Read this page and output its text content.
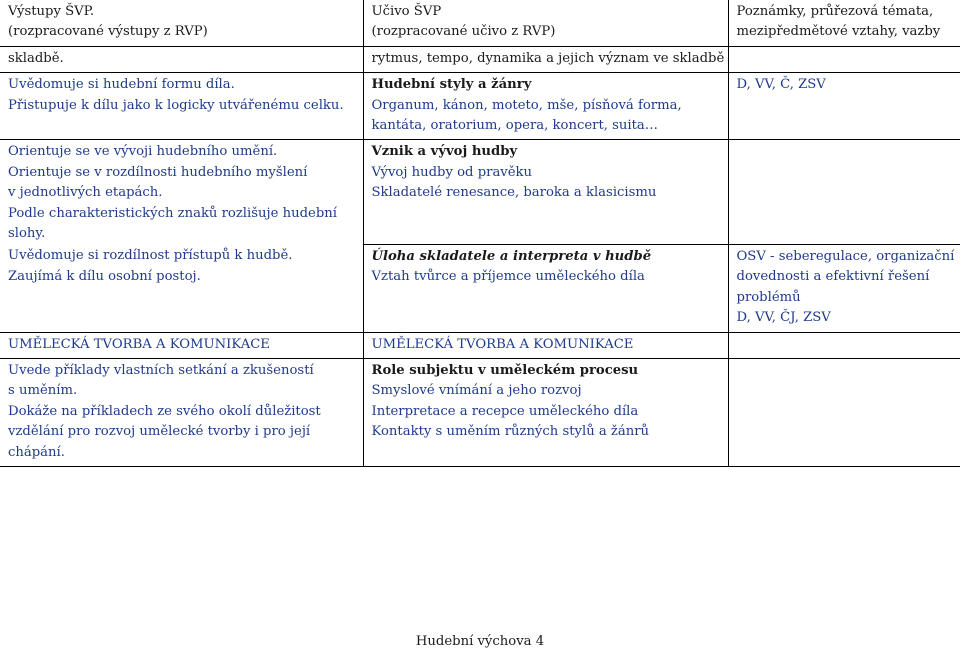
Výstupy ŠVP.
(rozpracované výstupy z RVP)	Učivo ŠVP
(rozpracované učivo z RVP)	Poznámky, průřezová témata,
mezipředmětové vztahy, vazby

skladbě.	rytmus, tempo, dynamika a jejich význam ve skladbě	

Uvědomuje si hudební formu díla.
Přistupuje k dílu jako k logicky utvářenému celku.	Hudební styly a žánry
Organum, kánon, moteto, mše, písňová forma,
kantáta, oratorium, opera, koncert, suita…	D, VV, Č, ZSV

Orientuje se ve vývoji hudebního umění.
Orientuje se v rozdílnosti hudebního myšlení
v jednotlivých etapách.
Podle charakteristických znaků rozlišuje hudební
slohy.	Vznik a vývoj hudby
Vývoj hudby od pravěku
Skladatelé renesance, baroka a klasicismu	

Uvědomuje si rozdílnost přístupů k hudbě.
Zaujímá k dílu osobní postoj.	Úloha skladatele a interpreta v hudbě
Vztah tvůrce a příjemce uměleckého díla	OSV - seberegulace, organizační
dovednosti a efektivní řešení
problémů
D, VV, ČJ, ZSV

UMĚLECKÁ TVORBA A KOMUNIKACE	UMĚLECKÁ TVORBA A KOMUNIKACE	

Uvede příklady vlastních setkání a zkušeností
s uměním.
Dokáže na příkladech ze svého okolí důležitost
vzdělání pro rozvoj umělecké tvorby i pro její
chápání.	Role subjektu v uměleckém procesu
Smyslové vnímání a jeho rozvoj
Interpretace a recepce uměleckého díla
Kontakty s uměním různých stylů a žánrů	

Hudební výchova 4
